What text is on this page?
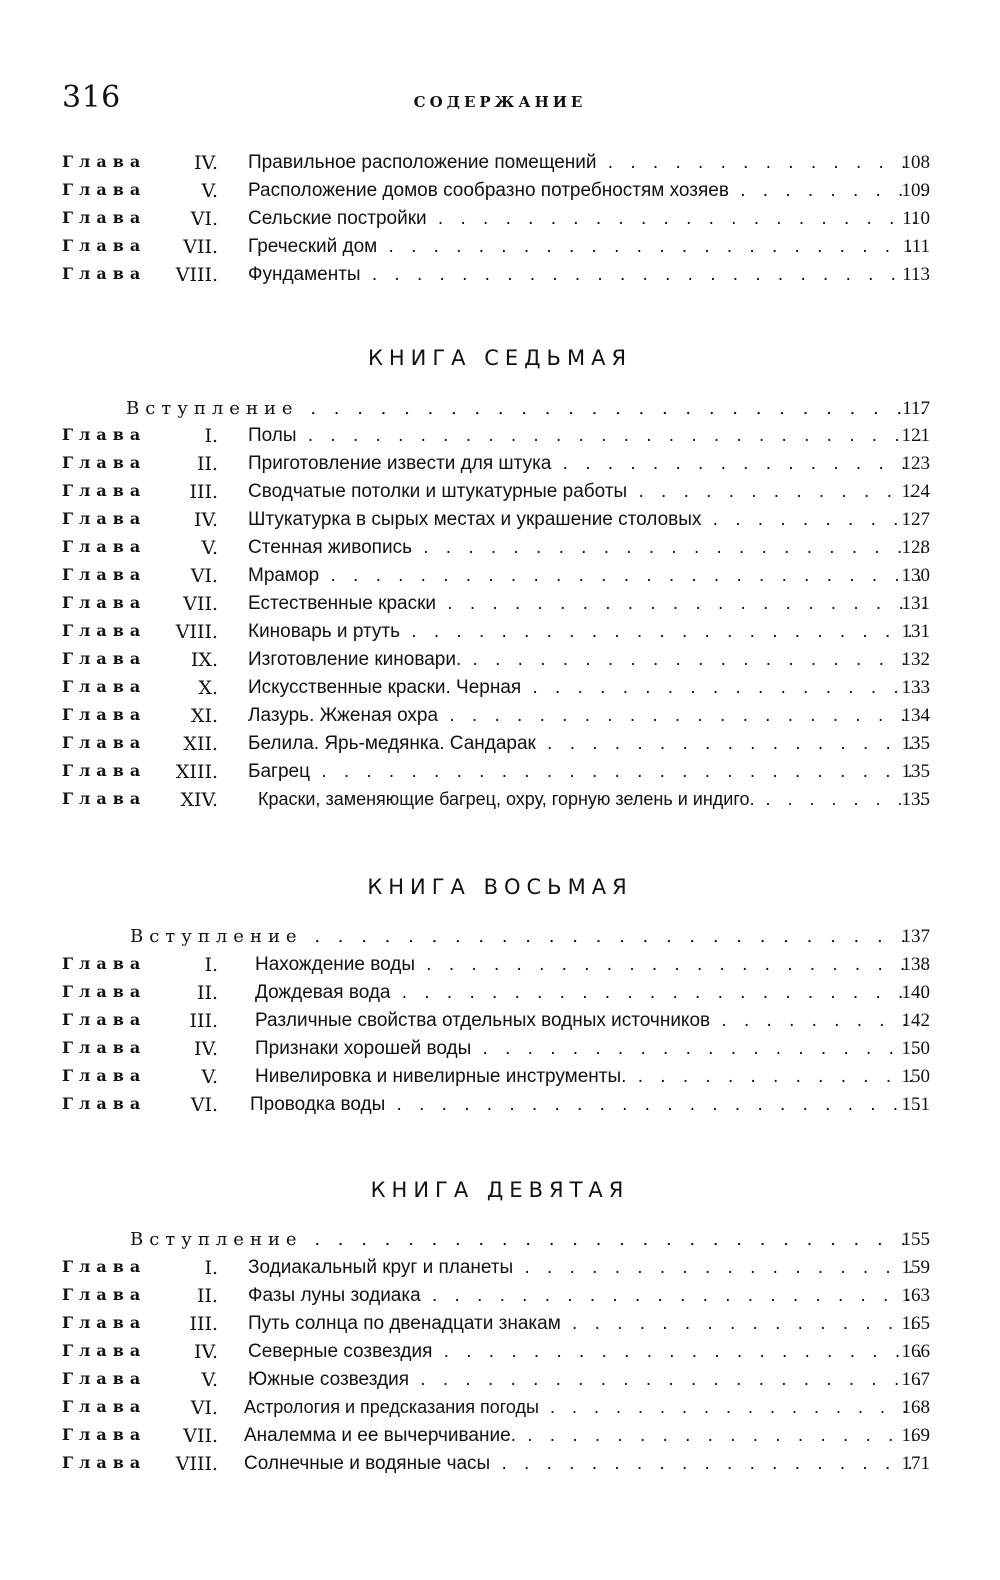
316	СОДЕРЖАНИЕ
Глава	IV. Правильное расположение помещений . . .	108
Глава	V. Расположение домов сообразно потребностям хозяев . . .	109
Глава	VI. Сельские постройки . . .	110
Глава	VII. Греческий дом . . .	111
Глава	VIII. Фундаменты . . .	113
КНИГА СЕДЬМАЯ
Вступление . . .	117
Глава	I. Полы . . .	121
Глава	II. Приготовление извести для штука . . .	123
Глава	III. Сводчатые потолки и штукатурные работы . . .	124
Глава	IV. Штукатурка в сырых местах и украшение столовых . . .	127
Глава	V. Стенная живопись . . .	128
Глава	VI. Мрамор . . .	130
Глава	VII. Естественные краски . . .	131
Глава	VIII. Киноварь и ртуть . . .	131
Глава	IX. Изготовление киновари. . . .	132
Глава	X. Искусственные краски. Черная . . .	133
Глава	XI. Лазурь. Жженая охра . . .	134
Глава	XII. Белила. Ярь-медянка. Сандарак . . .	135
Глава	XIII. Багрец . . .	135
Глава	XIV. Краски, заменяющие багрец, охру, горную зелень и индиго. . . .	135
КНИГА ВОСЬМАЯ
Вступление . . .	137
Глава	I. Нахождение воды . . .	138
Глава	II. Дождевая вода . . .	140
Глава	III. Различные свойства отдельных водных источников . . .	142
Глава	IV. Признаки хорошей воды . . .	150
Глава	V. Нивелировка и нивелирные инструменты. . . .	150
Глава	VI. Проводка воды . . .	151
КНИГА ДЕВЯТАЯ
Вступление . . .	155
Глава	I. Зодиакальный круг и планеты . . .	159
Глава	II. Фазы луны зодиака . . .	163
Глава	III. Путь солнца по двенадцати знакам . . .	165
Глава	IV. Северные созвездия . . .	166
Глава	V. Южные созвездия . . .	167
Глава	VI. Астрология и предсказания погоды . . .	168
Глава	VII. Аналемма и ее вычерчивание. . . .	169
Глава	VIII. Солнечные и водяные часы . . .	171
